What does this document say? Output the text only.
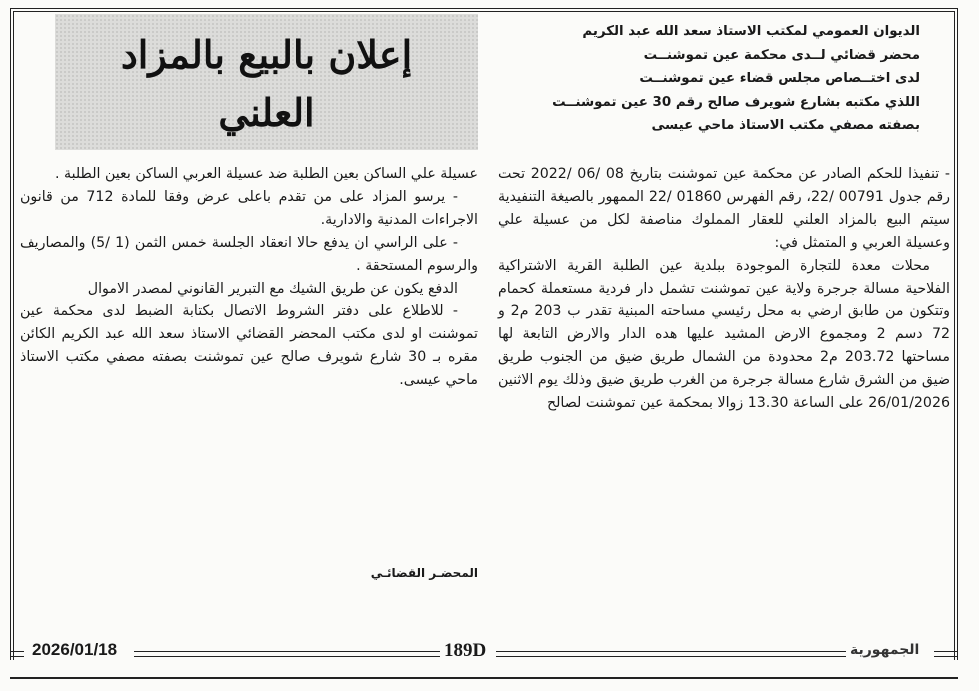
الديوان العمومي لمكتب الاستاذ سعد الله عبد الكريم
محضر قضائي لــدى محكمة عين تموشنــت
لدى اختــصاص مجلس قضاء عين تموشنــت
اللذي مكتبه بشارع شويرف صالح رقم 30 عين تموشنــت
بصفته مصفي مكتب الاستاذ ماحي عيسى
إعلان بالبيع بالمزاد
العلني

- تنفيذا للحكم الصادر عن محكمة عين تموشنت بتاريخ 08 /06 /2022 تحت رقم جدول 00791 /22، رقم الفهرس 01860 /22 الممهور بالصيغة التنفيدية سيتم البيع بالمزاد العلني للعقار المملوك مناصفة لكل من عسيلة علي وعسيلة العربي و المتمثل في:

محلات معدة للتجارة الموجودة ببلدية عين الطلبة القرية الاشتراكية الفلاحية مسالة جرجرة ولاية عين تموشنت تشمل دار فردية مستعملة كحمام وتتكون من طابق ارضي به محل رئيسي مساحته المبنية تقدر ب 203 م2 و 72 دسم 2 ومجموع الارض المشيد عليها هده الدار والارض التابعة لها مساحتها 203.72 م2 محدودة من الشمال طريق ضيق من الجنوب طريق ضيق من الشرق شارع مسالة جرجرة من الغرب طريق ضيق وذلك يوم الاثنين 26/01/2026 على الساعة 13.30 زوالا بمحكمة عين تموشنت لصالح

عسيلة علي الساكن بعين الطلبة ضد عسيلة العربي الساكن بعين الطلبة .

- يرسو المزاد على من تقدم باعلى عرض وفقا للمادة 712 من قانون الاجراءات المدنية والادارية.

- على الراسي ان يدفع حالا انعقاد الجلسة خمس الثمن (1 /5) والمصاريف والرسوم المستحقة .

الدفع يكون عن طريق الشيك مع التبرير القانوني لمصدر الاموال

- للاطلاع على دفتر الشروط الاتصال بكتابة الضبط لدى محكمة عين تموشنت او لدى مكتب المحضر القضائي الاستاذ سعد الله عبد الكريم الكائن مقره بـ 30 شارع شويرف صالح عين تموشنت بصفته مصفي مكتب الاستاذ ماحي عيسى.

المحضـر القضائـي
2026/01/18	189D	الجمهورية
